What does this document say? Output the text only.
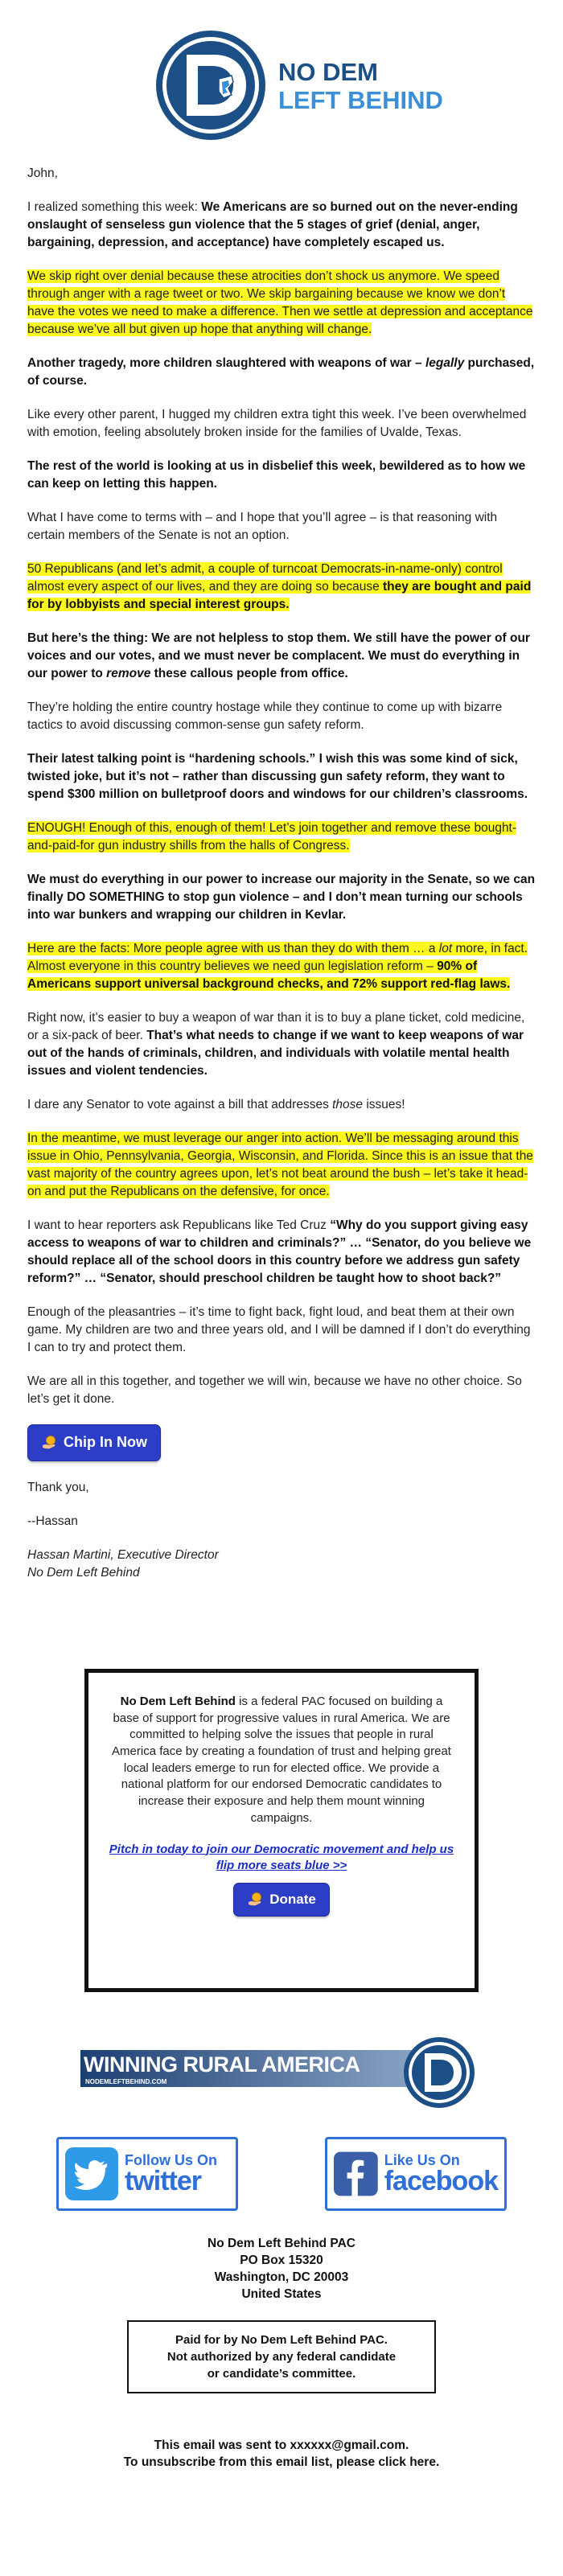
NO DEM
LEFT BEHIND

John,

I realized something this week: We Americans are so burned out on the never-ending onslaught of senseless gun violence that the 5 stages of grief (denial, anger, bargaining, depression, and acceptance) have completely escaped us.

We skip right over denial because these atrocities don’t shock us anymore. We speed through anger with a rage tweet or two. We skip bargaining because we know we don’t have the votes we need to make a difference. Then we settle at depression and acceptance because we’ve all but given up hope that anything will change.

Another tragedy, more children slaughtered with weapons of war – legally purchased, of course.

Like every other parent, I hugged my children extra tight this week. I’ve been overwhelmed with emotion, feeling absolutely broken inside for the families of Uvalde, Texas.

The rest of the world is looking at us in disbelief this week, bewildered as to how we can keep on letting this happen.

What I have come to terms with – and I hope that you’ll agree – is that reasoning with certain members of the Senate is not an option.

50 Republicans (and let’s admit, a couple of turncoat Democrats-in-name-only) control almost every aspect of our lives, and they are doing so because they are bought and paid for by lobbyists and special interest groups.

But here’s the thing: We are not helpless to stop them. We still have the power of our voices and our votes, and we must never be complacent. We must do everything in our power to remove these callous people from office.

They’re holding the entire country hostage while they continue to come up with bizarre tactics to avoid discussing common-sense gun safety reform.

Their latest talking point is “hardening schools.” I wish this was some kind of sick, twisted joke, but it’s not – rather than discussing gun safety reform, they want to spend $300 million on bulletproof doors and windows for our children’s classrooms.

ENOUGH! Enough of this, enough of them! Let’s join together and remove these bought-and-paid-for gun industry shills from the halls of Congress.

We must do everything in our power to increase our majority in the Senate, so we can finally DO SOMETHING to stop gun violence – and I don’t mean turning our schools into war bunkers and wrapping our children in Kevlar.

Here are the facts: More people agree with us than they do with them … a lot more, in fact. Almost everyone in this country believes we need gun legislation reform – 90% of Americans support universal background checks, and 72% support red-flag laws.

Right now, it’s easier to buy a weapon of war than it is to buy a plane ticket, cold medicine, or a six-pack of beer. That’s what needs to change if we want to keep weapons of war out of the hands of criminals, children, and individuals with volatile mental health issues and violent tendencies.

I dare any Senator to vote against a bill that addresses those issues!

In the meantime, we must leverage our anger into action. We’ll be messaging around this issue in Ohio, Pennsylvania, Georgia, Wisconsin, and Florida. Since this is an issue that the vast majority of the country agrees upon, let’s not beat around the bush – let’s take it head-on and put the Republicans on the defensive, for once.

I want to hear reporters ask Republicans like Ted Cruz “Why do you support giving easy access to weapons of war to children and criminals?” … “Senator, do you believe we should replace all of the school doors in this country before we address gun safety reform?” … “Senator, should preschool children be taught how to shoot back?”

Enough of the pleasantries – it’s time to fight back, fight loud, and beat them at their own game. My children are two and three years old, and I will be damned if I don’t do everything I can to try and protect them.

We are all in this together, and together we will win, because we have no other choice. So let’s get it done.

Chip In Now

Thank you,

--Hassan

Hassan Martini, Executive Director

No Dem Left Behind

No Dem Left Behind is a federal PAC focused on building a base of support for progressive values in rural America. We are committed to helping solve the issues that people in rural America face by creating a foundation of trust and helping great local leaders emerge to run for elected office. We provide a national platform for our endorsed Democratic candidates to increase their exposure and help them mount winning campaigns.
Pitch in today to join our Democratic movement and help us flip more seats blue >>
Donate
WINNING RURAL AMERICA
NODEMLEFTBEHIND.COM
Follow Us On
twitter
Like Us On
facebook
No Dem Left Behind PAC
PO Box 15320
Washington, DC 20003
United States
Paid for by No Dem Left Behind PAC.
Not authorized by any federal candidate
or candidate’s committee.
This email was sent to xxxxxx@gmail.com.
To unsubscribe from this email list, please click here.
